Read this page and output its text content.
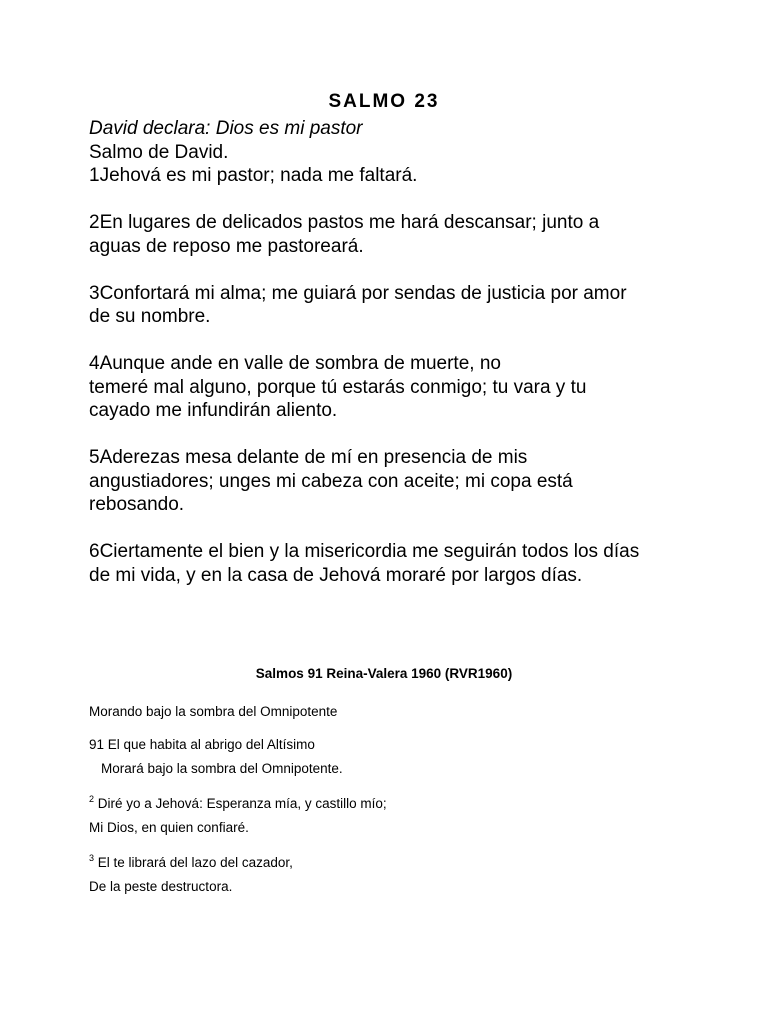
SALMO 23
David declara: Dios es mi pastor
Salmo de David.
1Jehová es mi pastor; nada me faltará.
2En lugares de delicados pastos me hará descansar; junto a
aguas de reposo me pastoreará.
3Confortará mi alma; me guiará por sendas de justicia por amor
de su nombre.
4Aunque ande en valle de sombra de muerte, no
temeré mal alguno, porque tú estarás conmigo; tu vara y tu
cayado me infundirán aliento.
5Aderezas mesa delante de mí en presencia de mis
angustiadores; unges mi cabeza con aceite; mi copa está
rebosando.
6Ciertamente el bien y la misericordia me seguirán todos los días
de mi vida, y en la casa de Jehová moraré por largos días.
Salmos 91 Reina-Valera 1960 (RVR1960)
Morando bajo la sombra del Omnipotente
91 El que habita al abrigo del Altísimo
Morará bajo la sombra del Omnipotente.
$^2$ Diré yo a Jehová: Esperanza mía, y castillo mío;
Mi Dios, en quien confiaré.
$^3$ El te librará del lazo del cazador,
De la peste destructora.
